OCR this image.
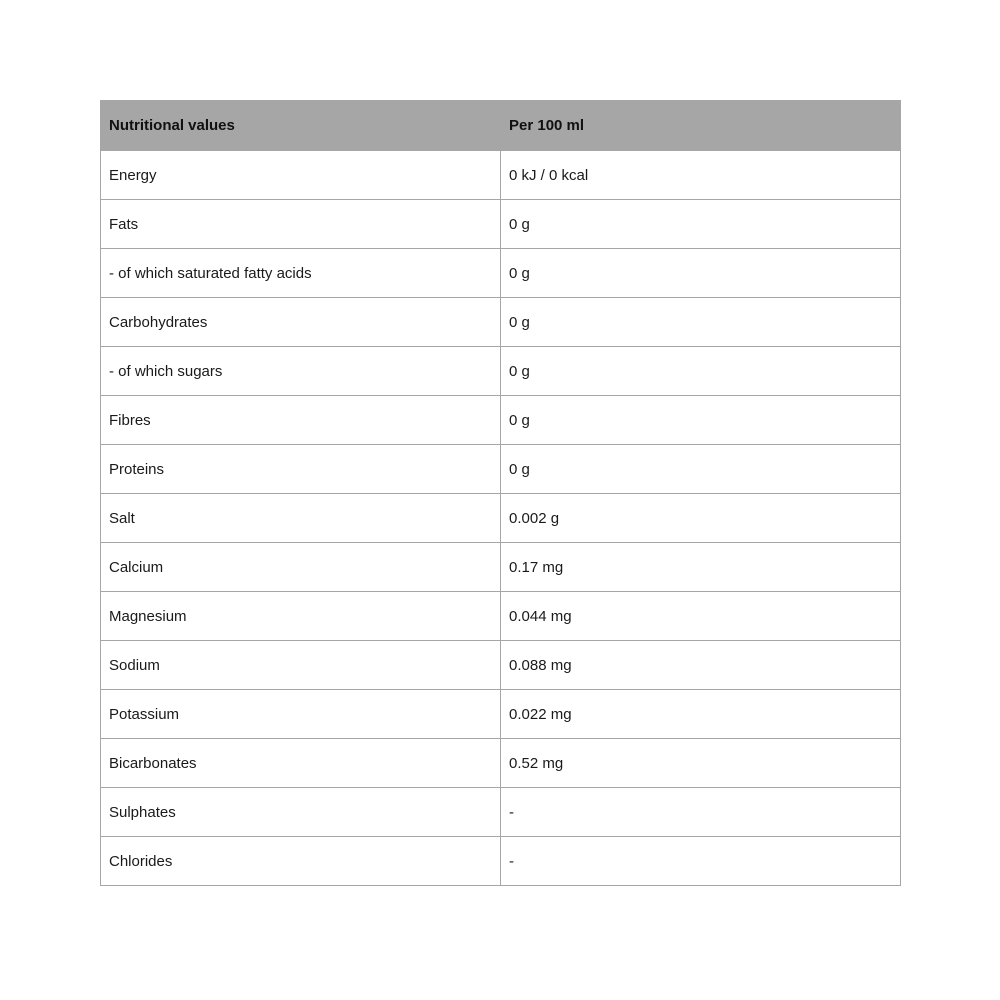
Nutritional values	Per 100 ml
Energy	0 kJ / 0 kcal
Fats	0 g
- of which saturated fatty acids	0 g
Carbohydrates	0 g
- of which sugars	0 g
Fibres	0 g
Proteins	0 g
Salt	0.002 g
Calcium	0.17 mg
Magnesium	0.044 mg
Sodium	0.088 mg
Potassium	0.022 mg
Bicarbonates	0.52 mg
Sulphates	-
Chlorides	-
